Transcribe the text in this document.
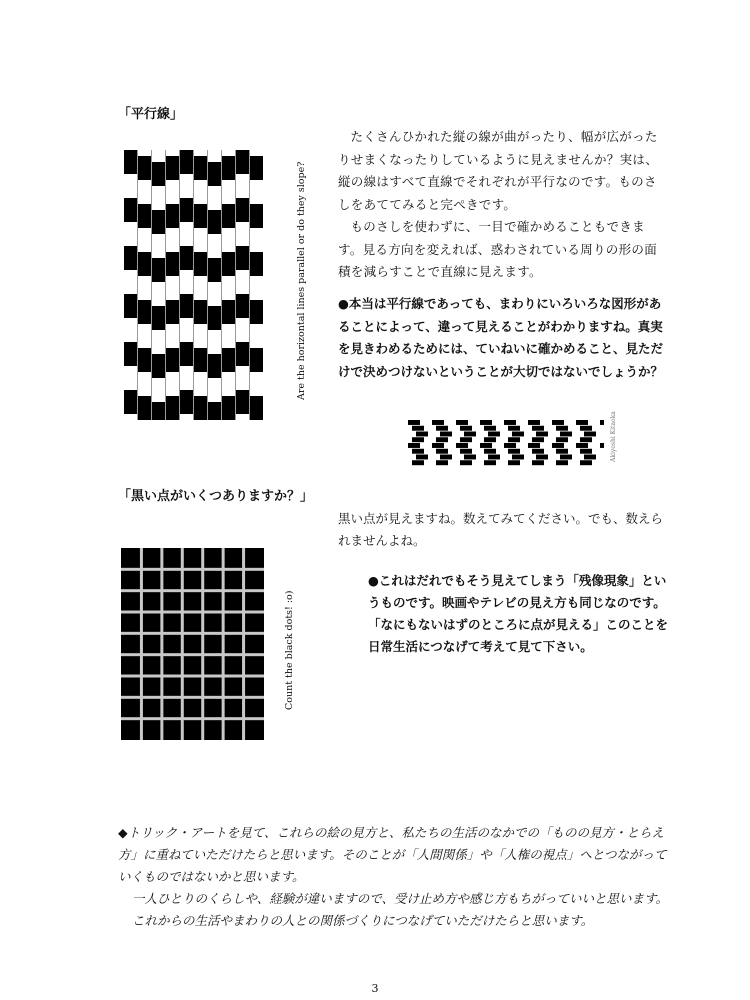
「平行線」
Are the horizontal lines parallel or do they slope?

たくさんひかれた縦の線が曲がったり、幅が広がったりせまくなったりしているように見えませんか？実は、縦の線はすべて直線でそれぞれが平行なのです。ものさしをあててみると完ぺきです。

ものさしを使わずに、一目で確かめることもできます。見る方向を変えれば、惑わされている周りの形の面積を減らすことで直線に見えます。

●本当は平行線であっても、まわりにいろいろな図形があることによって、違って見えることがわかりますね。真実を見きわめるためには、ていねいに確かめること、見ただけで決めつけないということが大切ではないでしょうか？
Akiyoshi Kitaoka
「黒い点がいくつありますか？」
Count the black dots! :o)
黒い点が見えますね。数えてみてください。でも、数えられませんよね。
●これはだれでもそう見えてしまう「残像現象」というものです。映画やテレビの見え方も同じなのです。
「なにもないはずのところに点が見える」このことを日常生活につなげて考えて見て下さい。

◆トリック・アートを見て、これらの絵の見方と、私たちの生活のなかでの「ものの見方・とらえ方」に重ねていただけたらと思います。そのことが「人間関係」や「人権の視点」へとつながっていくものではないかと思います。

一人ひとりのくらしや、経験が違いますので、受け止め方や感じ方もちがっていいと思います。これからの生活やまわりの人との関係づくりにつなげていただけたらと思います。

3
